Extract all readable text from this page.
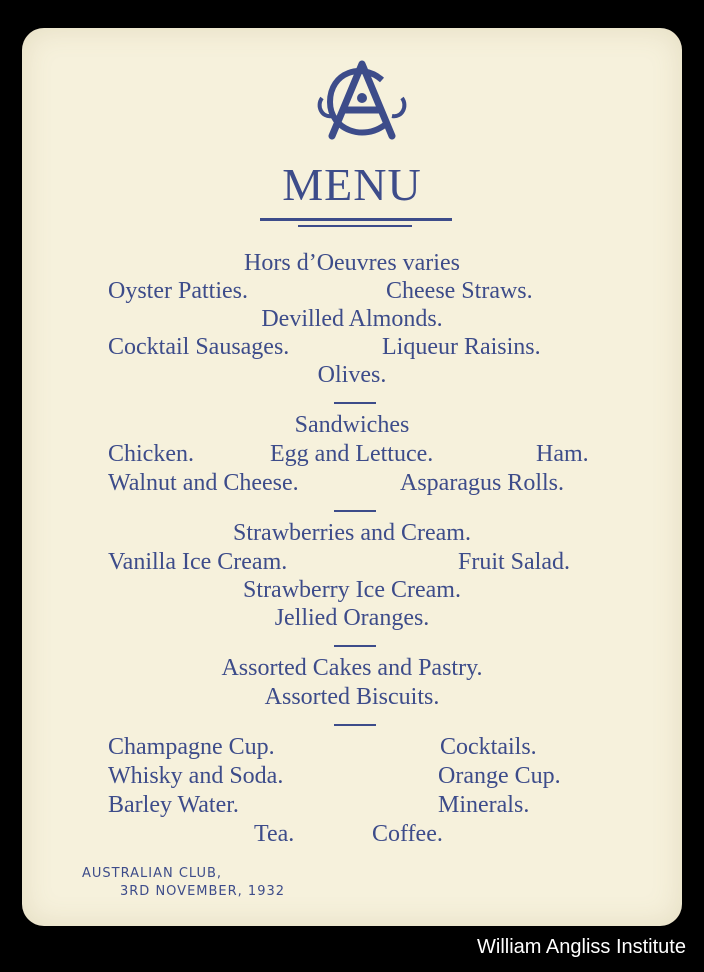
MENU
Hors d’Oeuvres varies
Oyster Patties.	Cheese Straws.
Devilled Almonds.
Cocktail Sausages.	Liqueur Raisins.
Olives.
Sandwiches
Chicken.	Egg and Lettuce.	Ham.
Walnut and Cheese.	Asparagus Rolls.
Strawberries and Cream.
Vanilla Ice Cream.	Fruit Salad.
Strawberry Ice Cream.
Jellied Oranges.
Assorted Cakes and Pastry.
Assorted Biscuits.
Champagne Cup.	Cocktails.
Whisky and Soda.	Orange Cup.
Barley Water.	Minerals.
Tea.	Coffee.
AUSTRALIAN CLUB,
3RD NOVEMBER, 1932
William Angliss Institute
